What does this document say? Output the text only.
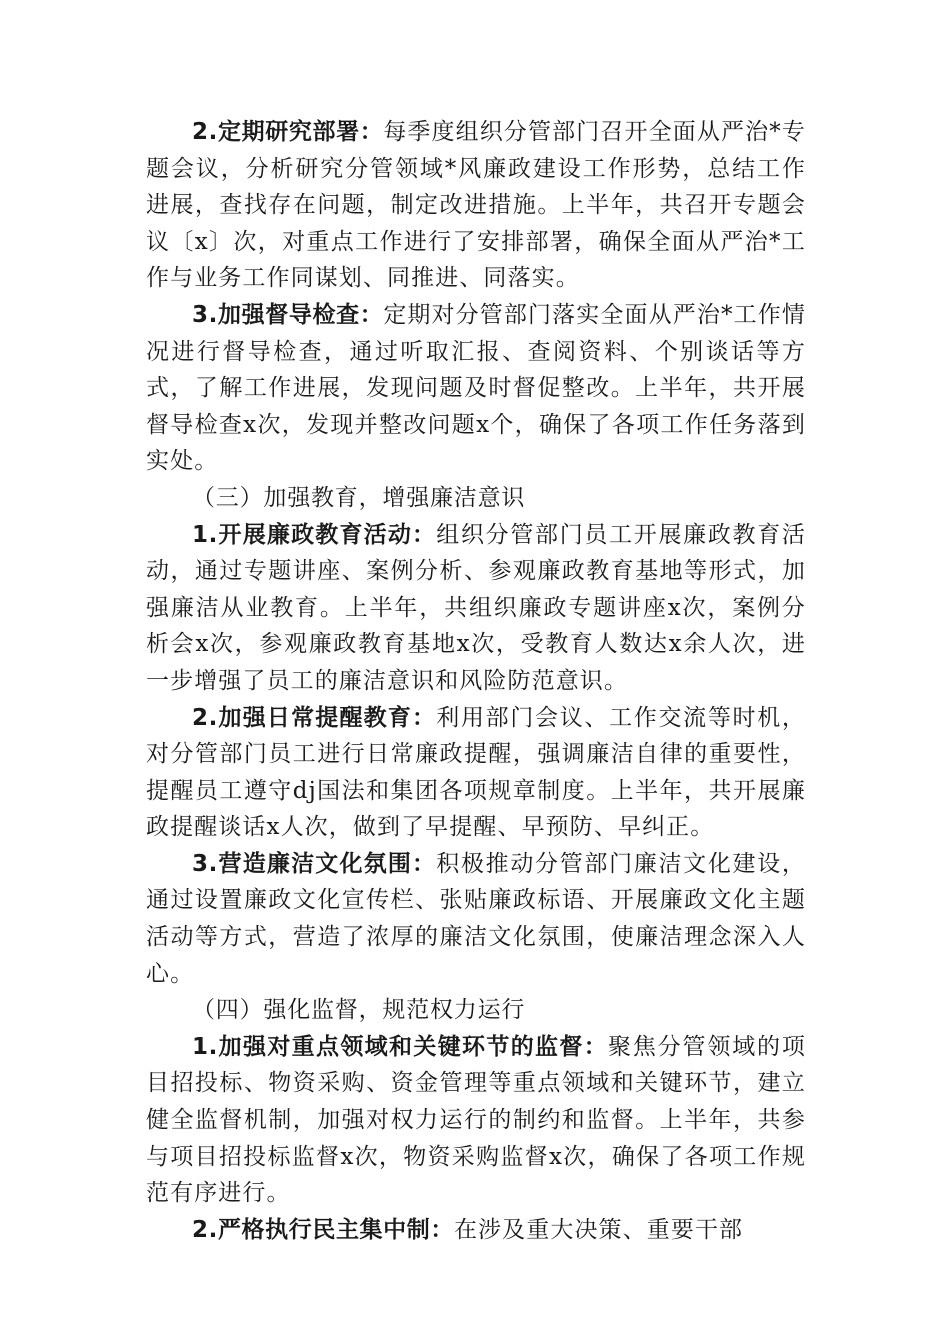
2.定期研究部署：每季度组织分管部门召开全面从严治*专题会议，分析研究分管领域*风廉政建设工作形势，总结工作进展，查找存在问题，制定改进措施。上半年，共召开专题会议〔x〕次，对重点工作进行了安排部署，确保全面从严治*工作与业务工作同谋划、同推进、同落实。

3.加强督导检查：定期对分管部门落实全面从严治*工作情况进行督导检查，通过听取汇报、查阅资料、个别谈话等方式，了解工作进展，发现问题及时督促整改。上半年，共开展督导检查x次，发现并整改问题x个，确保了各项工作任务落到实处。

（三）加强教育，增强廉洁意识

1.开展廉政教育活动：组织分管部门员工开展廉政教育活动，通过专题讲座、案例分析、参观廉政教育基地等形式，加强廉洁从业教育。上半年，共组织廉政专题讲座x次，案例分析会x次，参观廉政教育基地x次，受教育人数达x余人次，进一步增强了员工的廉洁意识和风险防范意识。

2.加强日常提醒教育：利用部门会议、工作交流等时机，对分管部门员工进行日常廉政提醒，强调廉洁自律的重要性，提醒员工遵守dj国法和集团各项规章制度。上半年，共开展廉政提醒谈话x人次，做到了早提醒、早预防、早纠正。

3.营造廉洁文化氛围：积极推动分管部门廉洁文化建设，通过设置廉政文化宣传栏、张贴廉政标语、开展廉政文化主题活动等方式，营造了浓厚的廉洁文化氛围，使廉洁理念深入人心。

（四）强化监督，规范权力运行

1.加强对重点领域和关键环节的监督：聚焦分管领域的项目招投标、物资采购、资金管理等重点领域和关键环节，建立健全监督机制，加强对权力运行的制约和监督。上半年，共参与项目招投标监督x次，物资采购监督x次，确保了各项工作规范有序进行。

2.严格执行民主集中制：在涉及重大决策、重要干部
